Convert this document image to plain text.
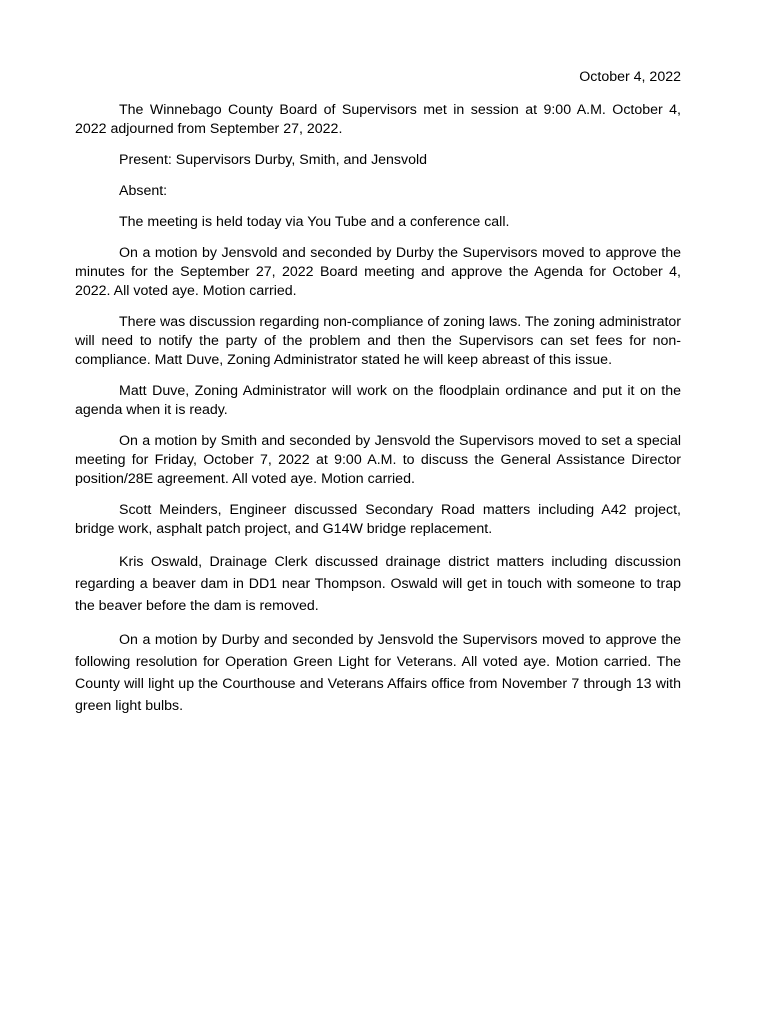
October 4, 2022

The Winnebago County Board of Supervisors met in session at 9:00 A.M. October 4, 2022 adjourned from September 27, 2022.

Present: Supervisors Durby, Smith, and Jensvold

Absent:

The meeting is held today via You Tube and a conference call.

On a motion by Jensvold and seconded by Durby the Supervisors moved to approve the minutes for the September 27, 2022 Board meeting and approve the Agenda for October 4, 2022. All voted aye. Motion carried.

There was discussion regarding non-compliance of zoning laws. The zoning administrator will need to notify the party of the problem and then the Supervisors can set fees for non-compliance. Matt Duve, Zoning Administrator stated he will keep abreast of this issue.

Matt Duve, Zoning Administrator will work on the floodplain ordinance and put it on the agenda when it is ready.

On a motion by Smith and seconded by Jensvold the Supervisors moved to set a special meeting for Friday, October 7, 2022 at 9:00 A.M. to discuss the General Assistance Director position/28E agreement. All voted aye. Motion carried.

Scott Meinders, Engineer discussed Secondary Road matters including A42 project, bridge work, asphalt patch project, and G14W bridge replacement.

Kris Oswald, Drainage Clerk discussed drainage district matters including discussion regarding a beaver dam in DD1 near Thompson. Oswald will get in touch with someone to trap the beaver before the dam is removed.

On a motion by Durby and seconded by Jensvold the Supervisors moved to approve the following resolution for Operation Green Light for Veterans. All voted aye. Motion carried. The County will light up the Courthouse and Veterans Affairs office from November 7 through 13 with green light bulbs.
